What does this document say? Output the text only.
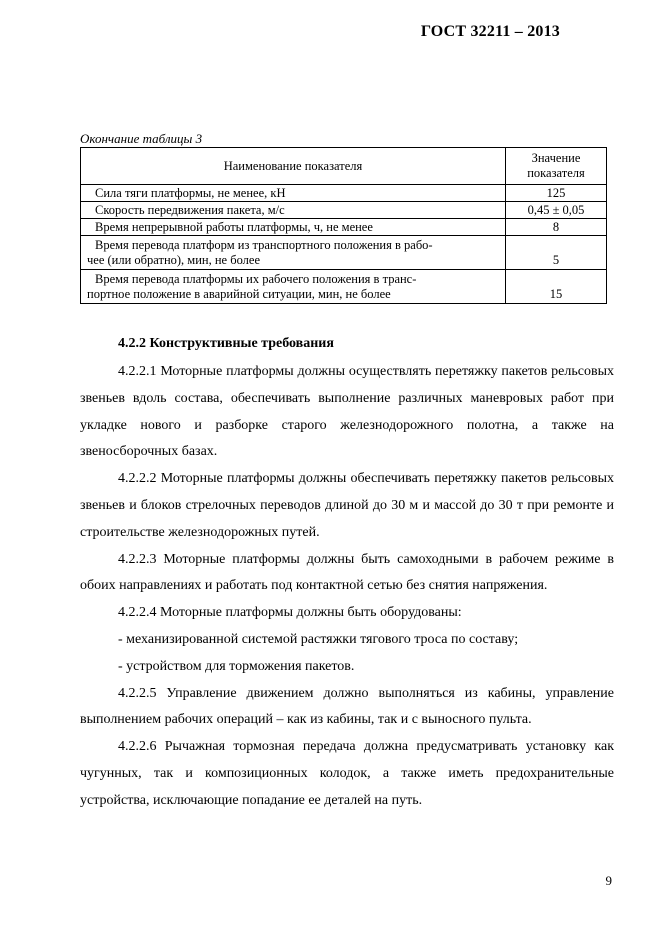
ГОСТ 32211 – 2013
Окончание таблицы 3
Наименование показателя	Значение показателя
Сила тяги платформы, не менее, кН	125
Скорость передвижения пакета, м/с	0,45 ± 0,05
Время непрерывной работы платформы, ч, не менее	8

Время перевода платформ из транспортного положения в рабо-
чее (или обратно), мин, не более	5

Время перевода платформы их рабочего положения в транс-
портное положение в аварийной ситуации, мин, не более	15
4.2.2 Конструктивные требования

4.2.2.1 Моторные платформы должны осуществлять перетяжку пакетов рельсовых звеньев вдоль состава, обеспечивать выполнение различных маневровых работ при укладке нового и разборке старого железнодорожного полотна, а также на звеносборочных базах.

4.2.2.2 Моторные платформы должны обеспечивать перетяжку пакетов рельсовых звеньев и блоков стрелочных переводов длиной до 30 м и массой до 30 т при ремонте и строительстве железнодорожных путей.

4.2.2.3 Моторные платформы должны быть самоходными в рабочем режиме в обоих направлениях и работать под контактной сетью без снятия напряжения.

4.2.2.4 Моторные платформы должны быть оборудованы:

- механизированной системой растяжки тягового троса по составу;

- устройством для торможения пакетов.

4.2.2.5 Управление движением должно выполняться из кабины, управление выполнением рабочих операций – как из кабины, так и с выносного пульта.

4.2.2.6 Рычажная тормозная передача должна предусматривать установку как чугунных, так и композиционных колодок, а также иметь предохранительные устройства, исключающие попадание ее деталей на путь.

9
